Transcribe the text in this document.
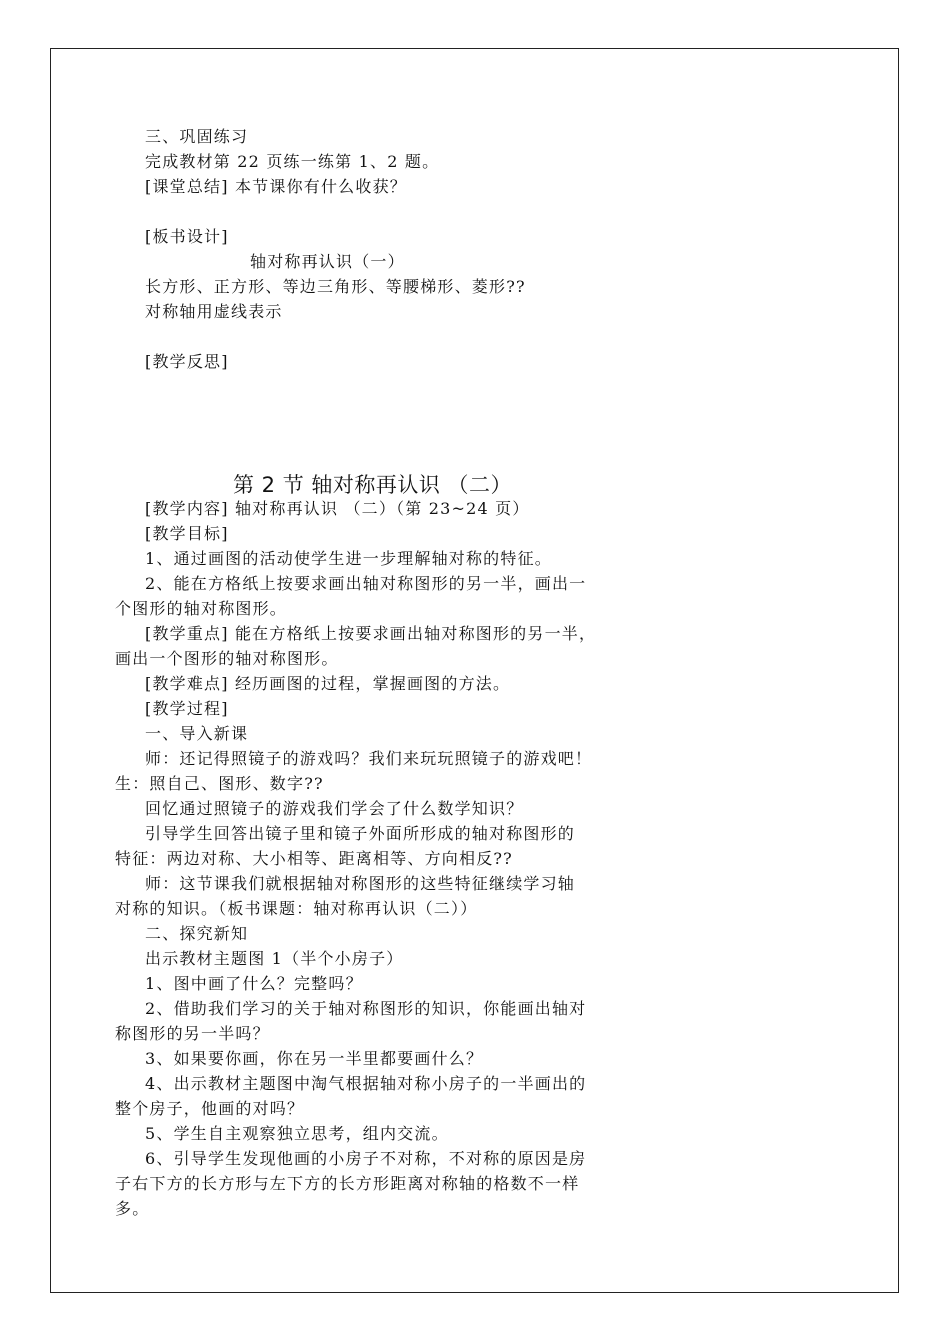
三、巩固练习
完成教材第 22 页练一练第 1、2 题。
[课堂总结] 本节课你有什么收获？
[板书设计]
轴对称再认识（一）
长方形、正方形、等边三角形、等腰梯形、菱形??
对称轴用虚线表示
[教学反思]
第 2 节 轴对称再认识 （二）
[教学内容] 轴对称再认识 （二）（第 23~24 页）
[教学目标]
1、通过画图的活动使学生进一步理解轴对称的特征。
2、能在方格纸上按要求画出轴对称图形的另一半，画出一
个图形的轴对称图形。
[教学重点] 能在方格纸上按要求画出轴对称图形的另一半，
画出一个图形的轴对称图形。
[教学难点] 经历画图的过程，掌握画图的方法。
[教学过程]
一、导入新课
师：还记得照镜子的游戏吗？我们来玩玩照镜子的游戏吧！
生：照自己、图形、数字??
回忆通过照镜子的游戏我们学会了什么数学知识？
引导学生回答出镜子里和镜子外面所形成的轴对称图形的
特征：两边对称、大小相等、距离相等、方向相反??
师：这节课我们就根据轴对称图形的这些特征继续学习轴
对称的知识。（板书课题：轴对称再认识（二））
二、探究新知
出示教材主题图 1（半个小房子）
1、图中画了什么？完整吗？
2、借助我们学习的关于轴对称图形的知识，你能画出轴对
称图形的另一半吗？
3、如果要你画，你在另一半里都要画什么？
4、出示教材主题图中淘气根据轴对称小房子的一半画出的
整个房子，他画的对吗？
5、学生自主观察独立思考，组内交流。
6、引导学生发现他画的小房子不对称，不对称的原因是房
子右下方的长方形与左下方的长方形距离对称轴的格数不一样
多。
